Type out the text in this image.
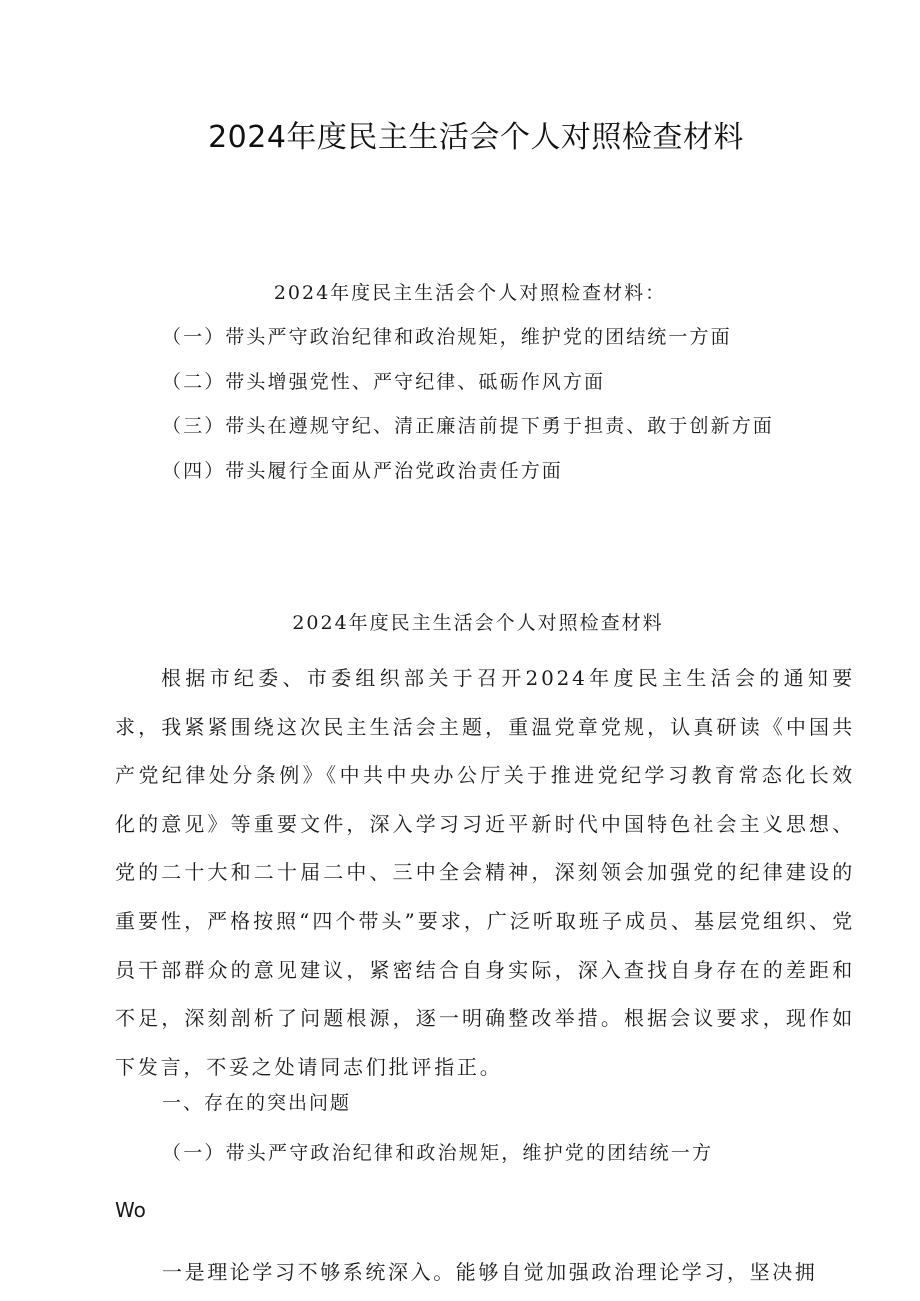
2024年度民主生活会个人对照检查材料
2024年度民主生活会个人对照检查材料：
（一）带头严守政治纪律和政治规矩，维护党的团结统一方面
（二）带头增强党性、严守纪律、砥砺作风方面
（三）带头在遵规守纪、清正廉洁前提下勇于担责、敢于创新方面
（四）带头履行全面从严治党政治责任方面
2024年度民主生活会个人对照检查材料

根据市纪委、市委组织部关于召开2024年度民主生活会的通知要求，我紧紧围绕这次民主生活会主题，重温党章党规，认真研读《中国共产党纪律处分条例》《中共中央办公厅关于推进党纪学习教育常态化长效化的意见》等重要文件，深入学习习近平新时代中国特色社会主义思想、党的二十大和二十届二中、三中全会精神，深刻领会加强党的纪律建设的重要性，严格按照“四个带头”要求，广泛听取班子成员、基层党组织、党员干部群众的意见建议，紧密结合自身实际，深入查找自身存在的差距和不足，深刻剖析了问题根源，逐一明确整改举措。根据会议要求，现作如下发言，不妥之处请同志们批评指正。

一、存在的突出问题
（一）带头严守政治纪律和政治规矩，维护党的团结统一方
Wo
一是理论学习不够系统深入。能够自觉加强政治理论学习，坚决拥
